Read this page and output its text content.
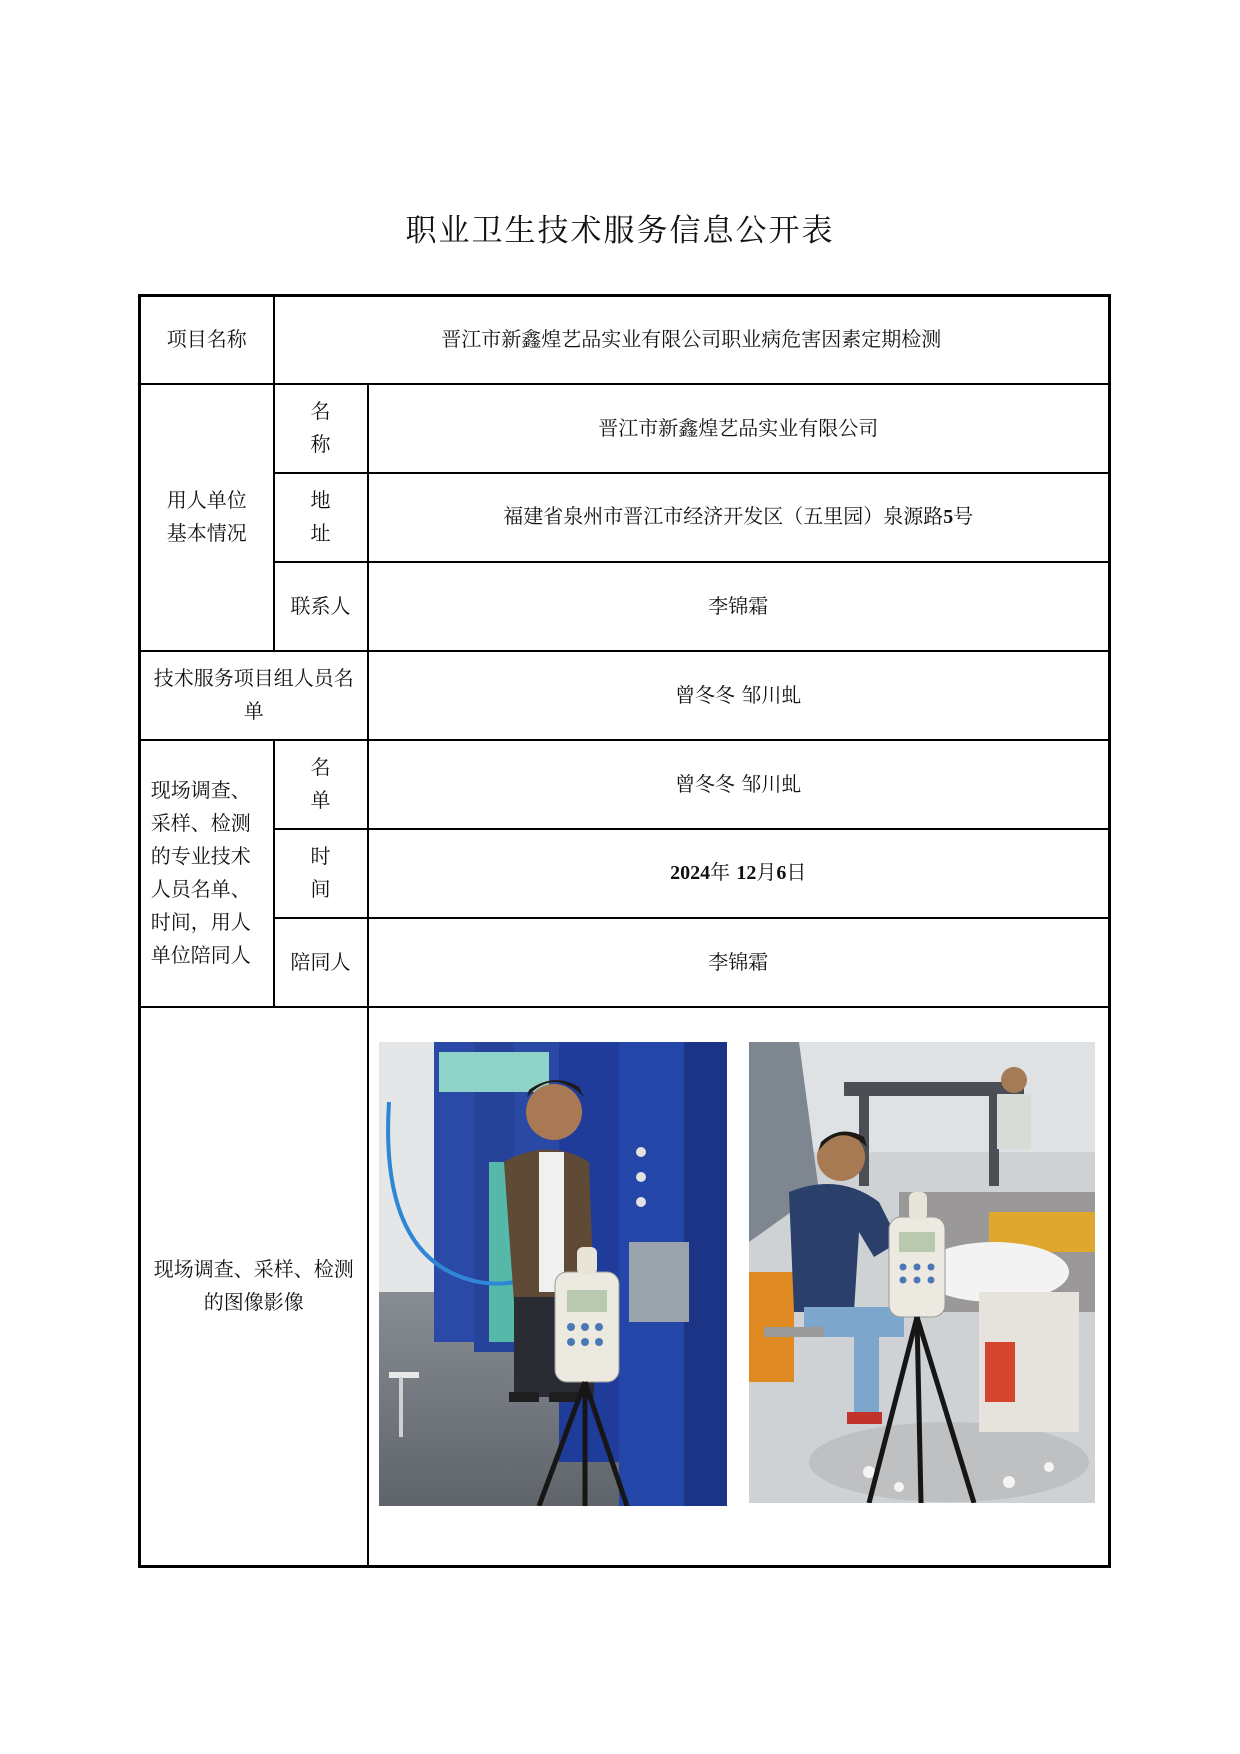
职业卫生技术服务信息公开表
项目名称	晋江市新鑫煌艺品实业有限公司职业病危害因素定期检测	

用人单位基本情况	名 称	晋江市新鑫煌艺品实业有限公司
	地 址	福建省泉州市晋江市经济开发区（五里园）泉源路5号
	联系人	李锦霜

技术服务项目组人员名单		曾冬冬 邹川虬

现场调查、采样、检测的专业技术人员名单、时间，用人单位陪同人	名 单	曾冬冬 邹川虬
	时 间	2024年 12月6日
	陪同人	李锦霜

现场调查、采样、检测的图像影像
